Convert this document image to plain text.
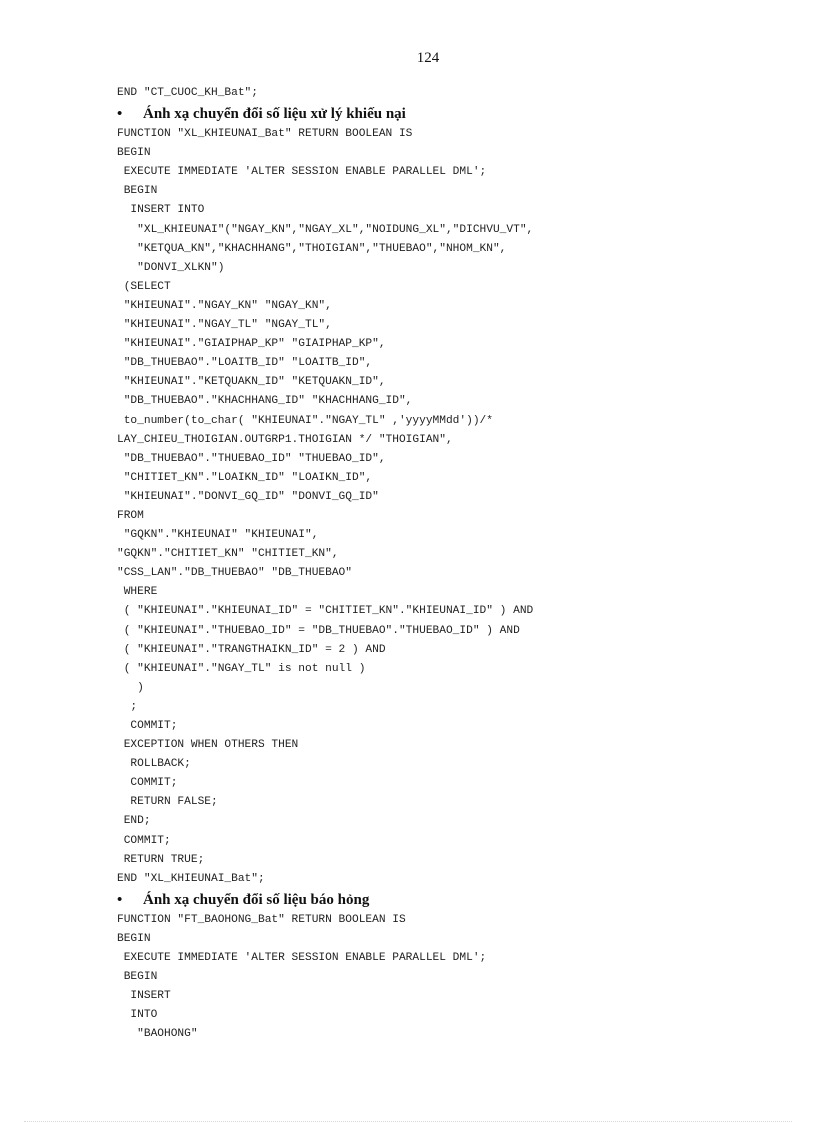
124
END "CT_CUOC_KH_Bat";
• Ánh xạ chuyển đổi số liệu xử lý khiếu nại
FUNCTION "XL_KHIEUNAI_Bat" RETURN BOOLEAN IS
BEGIN
EXECUTE IMMEDIATE 'ALTER SESSION ENABLE PARALLEL DML';
BEGIN
INSERT INTO
"XL_KHIEUNAI"("NGAY_KN","NGAY_XL","NOIDUNG_XL","DICHVU_VT",
"KETQUA_KN","KHACHHANG","THOIGIAN","THUEBAO","NHOM_KN",
"DONVI_XLKN")
(SELECT
"KHIEUNAI"."NGAY_KN" "NGAY_KN",
"KHIEUNAI"."NGAY_TL" "NGAY_TL",
"KHIEUNAI"."GIAIPHAP_KP" "GIAIPHAP_KP",
"DB_THUEBAO"."LOAITB_ID" "LOAITB_ID",
"KHIEUNAI"."KETQUAKN_ID" "KETQUAKN_ID",
"DB_THUEBAO"."KHACHHANG_ID" "KHACHHANG_ID",
to_number(to_char( "KHIEUNAI"."NGAY_TL" ,'yyyyMMdd'))/*
LAY_CHIEU_THOIGIAN.OUTGRP1.THOIGIAN */ "THOIGIAN",
"DB_THUEBAO"."THUEBAO_ID" "THUEBAO_ID",
"CHITIET_KN"."LOAIKN_ID" "LOAIKN_ID",
"KHIEUNAI"."DONVI_GQ_ID" "DONVI_GQ_ID"
FROM
"GQKN"."KHIEUNAI" "KHIEUNAI",
"GQKN"."CHITIET_KN" "CHITIET_KN",
"CSS_LAN"."DB_THUEBAO" "DB_THUEBAO"
WHERE
( "KHIEUNAI"."KHIEUNAI_ID" = "CHITIET_KN"."KHIEUNAI_ID" ) AND
( "KHIEUNAI"."THUEBAO_ID" = "DB_THUEBAO"."THUEBAO_ID" ) AND
( "KHIEUNAI"."TRANGTHAIKN_ID" = 2 ) AND
( "KHIEUNAI"."NGAY_TL" is not null )
)
;
COMMIT;
EXCEPTION WHEN OTHERS THEN
ROLLBACK;
COMMIT;
RETURN FALSE;
END;
COMMIT;
RETURN TRUE;
END "XL_KHIEUNAI_Bat";
• Ánh xạ chuyển đổi số liệu báo hỏng
FUNCTION "FT_BAOHONG_Bat" RETURN BOOLEAN IS
BEGIN
EXECUTE IMMEDIATE 'ALTER SESSION ENABLE PARALLEL DML';
BEGIN
INSERT
INTO
"BAOHONG"
